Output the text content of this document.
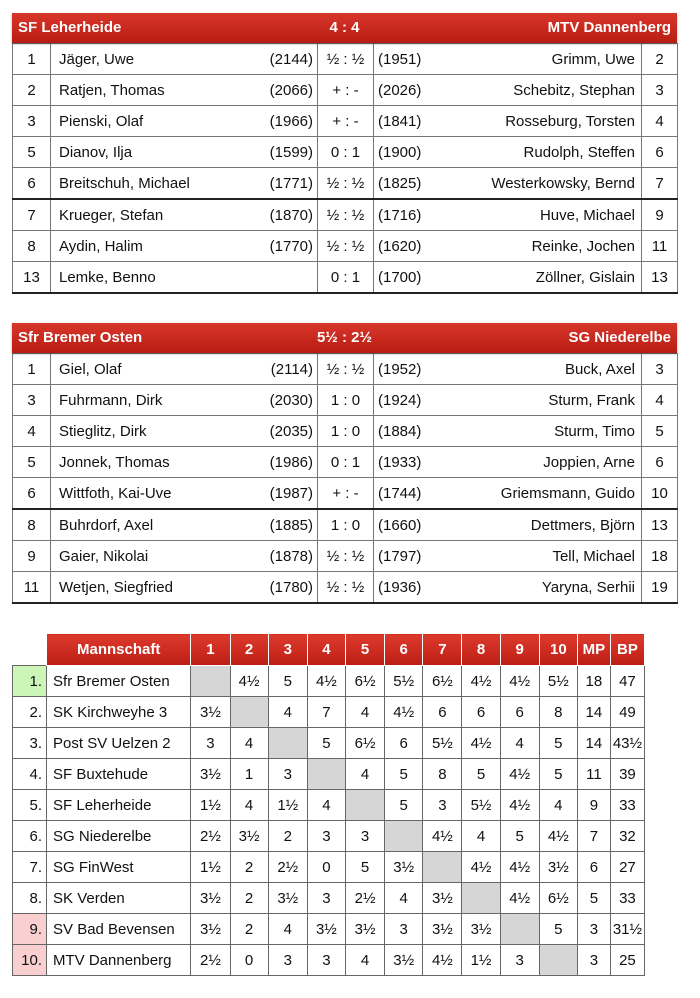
SF Leherheide	4 : 4	MTV Dannenberg
1	Jäger, Uwe	(2144)	½ : ½	(1951)	Grimm, Uwe	2
2	Ratjen, Thomas	(2066)	+ : -	(2026)	Schebitz, Stephan	3
3	Pienski, Olaf	(1966)	+ : -	(1841)	Rosseburg, Torsten	4
5	Dianov, Ilja	(1599)	0 : 1	(1900)	Rudolph, Steffen	6
6	Breitschuh, Michael	(1771)	½ : ½	(1825)	Westerkowsky, Bernd	7
7	Krueger, Stefan	(1870)	½ : ½	(1716)	Huve, Michael	9
8	Aydin, Halim	(1770)	½ : ½	(1620)	Reinke, Jochen	11
13	Lemke, Benno		0 : 1	(1700)	Zöllner, Gislain	13
Sfr Bremer Osten	5½ : 2½	SG Niederelbe
1	Giel, Olaf	(2114)	½ : ½	(1952)	Buck, Axel	3
3	Fuhrmann, Dirk	(2030)	1 : 0	(1924)	Sturm, Frank	4
4	Stieglitz, Dirk	(2035)	1 : 0	(1884)	Sturm, Timo	5
5	Jonnek, Thomas	(1986)	0 : 1	(1933)	Joppien, Arne	6
6	Wittfoth, Kai-Uve	(1987)	+ : -	(1744)	Griemsmann, Guido	10
8	Buhrdorf, Axel	(1885)	1 : 0	(1660)	Dettmers, Björn	13
9	Gaier, Nikolai	(1878)	½ : ½	(1797)	Tell, Michael	18
11	Wetjen, Siegfried	(1780)	½ : ½	(1936)	Yaryna, Serhii	19
	Mannschaft	1	2	3	4	5	6	7	8	9	10	MP	BP
1.	Sfr Bremer Osten		4½	5	4½	6½	5½	6½	4½	4½	5½	18	47
2.	SK Kirchweyhe 3	3½		4	7	4	4½	6	6	6	8	14	49
3.	Post SV Uelzen 2	3	4		5	6½	6	5½	4½	4	5	14	43½
4.	SF Buxtehude	3½	1	3		4	5	8	5	4½	5	11	39
5.	SF Leherheide	1½	4	1½	4		5	3	5½	4½	4	9	33
6.	SG Niederelbe	2½	3½	2	3	3		4½	4	5	4½	7	32
7.	SG FinWest	1½	2	2½	0	5	3½		4½	4½	3½	6	27
8.	SK Verden	3½	2	3½	3	2½	4	3½		4½	6½	5	33
9.	SV Bad Bevensen	3½	2	4	3½	3½	3	3½	3½		5	3	31½
10.	MTV Dannenberg	2½	0	3	3	4	3½	4½	1½	3		3	25
